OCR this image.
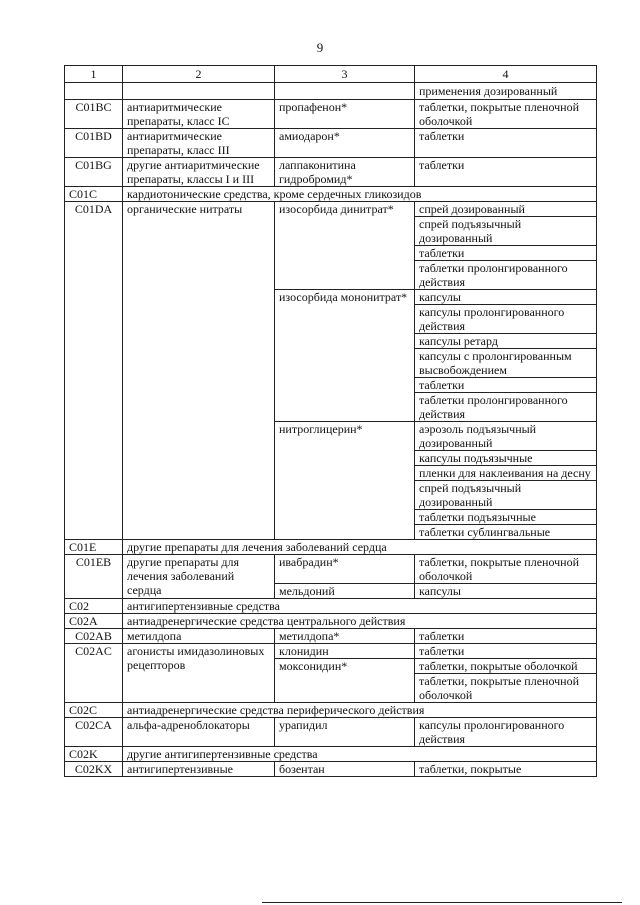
9
1	2	3	4
			применения дозированный
C01BC	антиаритмические препараты, класс IC	пропафенон*	таблетки, покрытые пленочной оболочкой
C01BD	антиаритмические препараты, класс III	амиодарон*	таблетки
C01BG	другие антиаритмические препараты, классы I и III	лаппаконитина гидробромид*	таблетки
C01C	кардиотонические средства, кроме сердечных гликозидов		
C01DA	органические нитраты	изосорбида динитрат*	спрей дозированный
			спрей подъязычный дозированный
			таблетки
			таблетки пролонгированного действия
		изосорбида мононитрат*	капсулы
			капсулы пролонгированного действия
			капсулы ретард
			капсулы с пролонгированным высвобождением
			таблетки
			таблетки пролонгированного действия
		нитроглицерин*	аэрозоль подъязычный дозированный
			капсулы подъязычные
			пленки для наклеивания на десну
			спрей подъязычный дозированный
			таблетки подъязычные
			таблетки сублингвальные
C01E	другие препараты для лечения заболеваний сердца		
C01EB	другие препараты для лечения заболеваний сердца	ивабрадин*	таблетки, покрытые пленочной оболочкой
		мельдоний	капсулы
C02	антигипертензивные средства		
C02A	антиадренергические средства центрального действия		
C02AB	метилдопа	метилдопа*	таблетки
C02AC	агонисты имидазолиновых рецепторов	клонидин	таблетки
		моксонидин*	таблетки, покрытые оболочкой
			таблетки, покрытые пленочной оболочкой
C02C	антиадренергические средства периферического действия		
C02CA	альфа-адреноблокаторы	урапидил	капсулы пролонгированного действия
C02K	другие антигипертензивные средства		
C02KX	антигипертензивные	бозентан	таблетки, покрытые
